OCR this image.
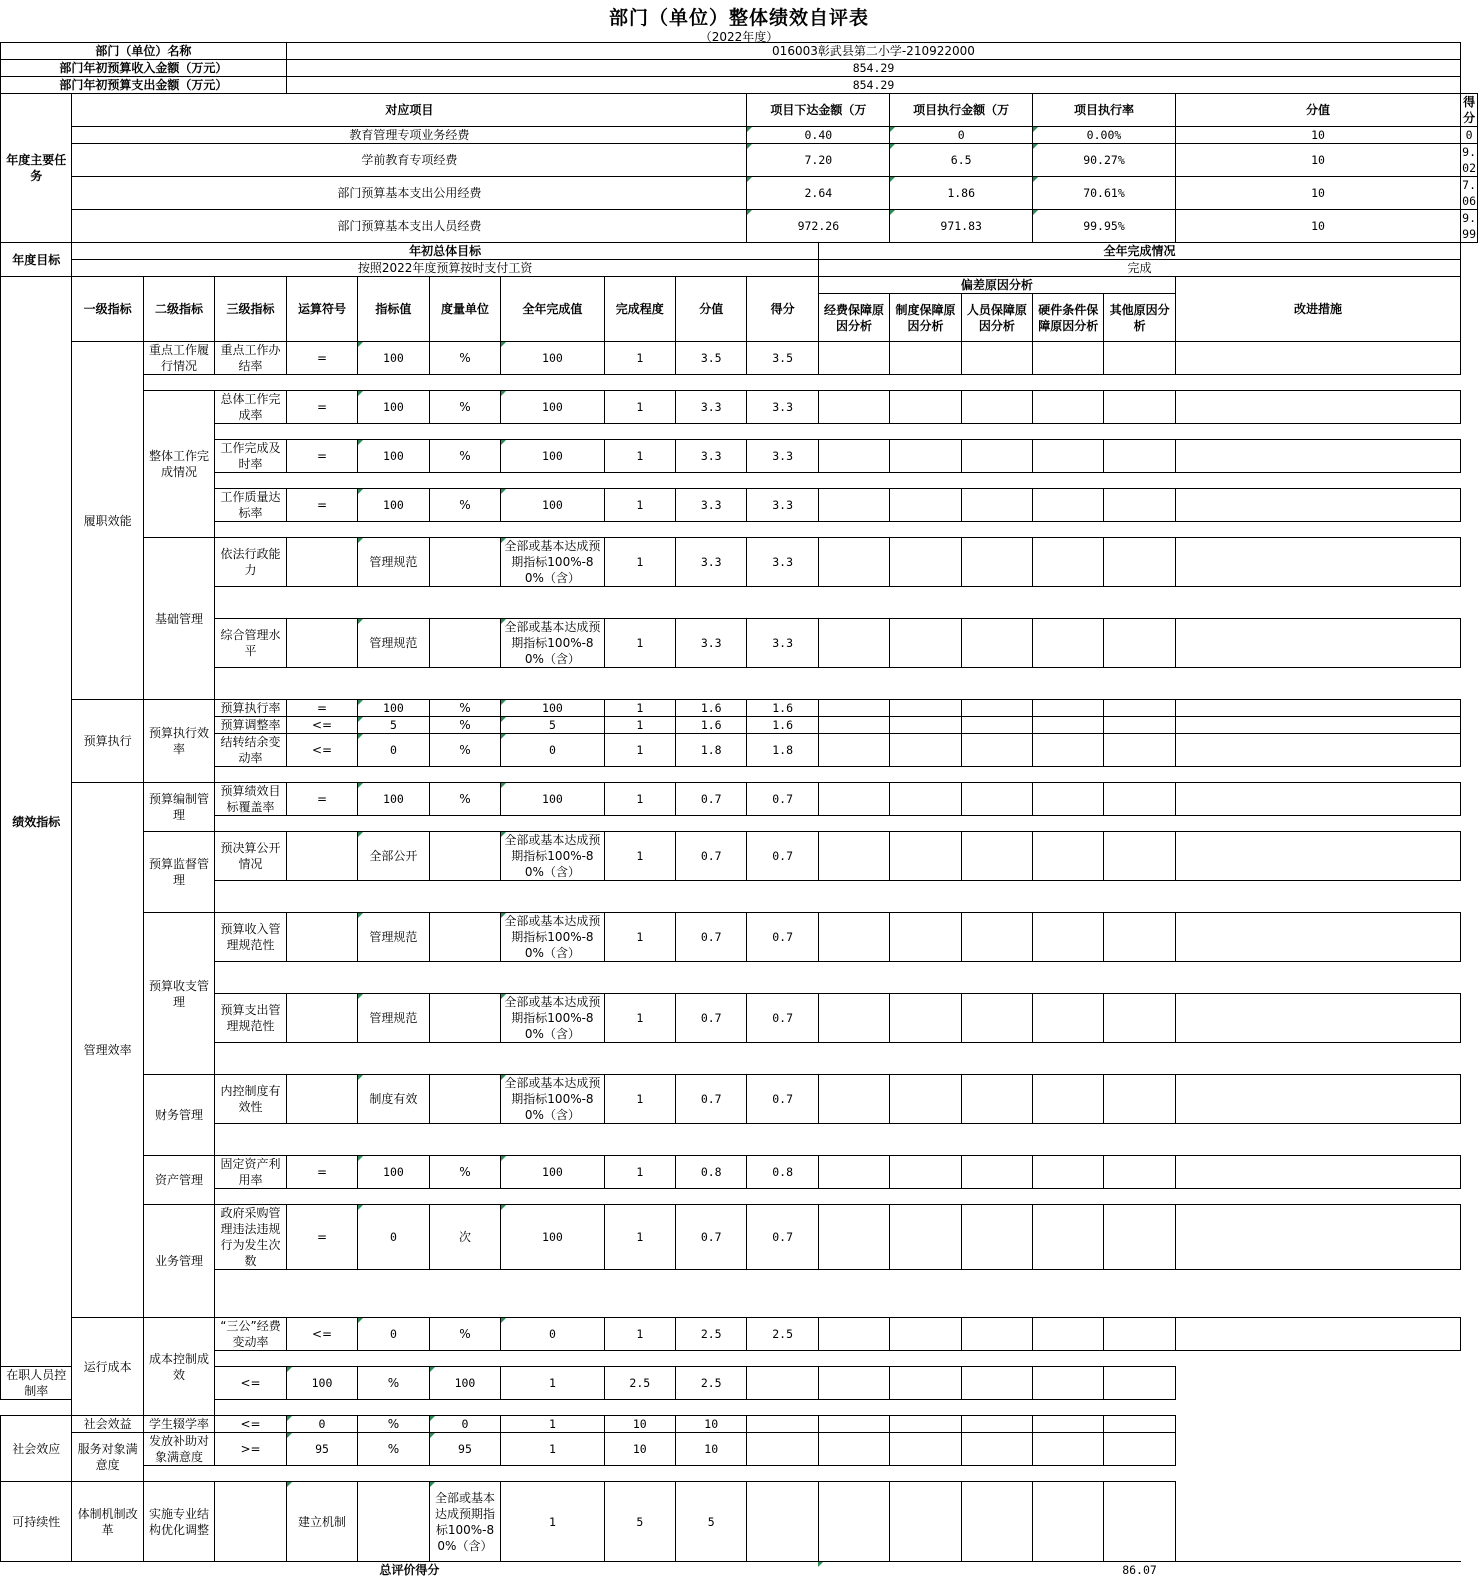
部门（单位）整体绩效自评表
（2022年度）
部门（单位）名称				016003彰武县第二小学-210922000													
部门年初预算收入金额（万元）				854.29													
部门年初预算支出金额（万元）				854.29													
年度主要任务	对应项目									项目下达金额（万		项目执行金额（万		项目执行率		分值	得分
	教育管理专项业务经费									0.40		0		0.00%		10	0
	学前教育专项经费									7.20		6.5		90.27%		10	9.02
	部门预算基本支出公用经费									2.64		1.86		70.61%		10	7.06
	部门预算基本支出人员经费									972.26		971.83		99.95%		10	9.99
年度目标	年初总体目标										全年完成情况						
	按照2022年度预算按时支付工资										完成						
绩效指标	一级指标	二级指标	三级指标	运算符号	指标值	度量单位	全年完成值	完成程度	分值	得分	偏差原因分析					改进措施	
											经费保障原因分析	制度保障原因分析	人员保障原因分析	硬件条件保障原因分析	其他原因分析		

	履职效能	重点工作履行情况	重点工作办结率	=	100	%	100	1	3.5	3.5							

		整体工作完成情况	总体工作完成率	=	100	%	100	1	3.3	3.3							

			工作完成及时率	=	100	%	100	1	3.3	3.3							

			工作质量达标率	=	100	%	100	1	3.3	3.3							

		基础管理	依法行政能力		管理规范		全部或基本达成预期指标100%-80%（含）	1	3.3	3.3							

			综合管理水平		管理规范		全部或基本达成预期指标100%-80%（含）	1	3.3	3.3							

	预算执行	预算执行效率	预算执行率	=	100	%	100	1	1.6	1.6							
			预算调整率	<=	5	%	5	1	1.6	1.6							
			结转结余变动率	<=	0	%	0	1	1.8	1.8							

	管理效率	预算编制管理	预算绩效目标覆盖率	=	100	%	100	1	0.7	0.7							

		预算监督管理	预决算公开情况		全部公开		全部或基本达成预期指标100%-80%（含）	1	0.7	0.7							

		预算收支管理	预算收入管理规范性		管理规范		全部或基本达成预期指标100%-80%（含）	1	0.7	0.7							

			预算支出管理规范性		管理规范		全部或基本达成预期指标100%-80%（含）	1	0.7	0.7							

		财务管理	内控制度有效性		制度有效		全部或基本达成预期指标100%-80%（含）	1	0.7	0.7							

		资产管理	固定资产利用率	=	100	%	100	1	0.8	0.8							

		业务管理	政府采购管理违法违规行为发生次数	=	0	次	100	1	0.7	0.7							

	运行成本	成本控制成效	“三公”经费变动率	<=	0	%	0	1	2.5	2.5							

在职人员控制率			<=	100	%	100	1	2.5	2.5								

社会效应	社会效益	学生辍学率	<=	0	%	0	1	10	10								
	服务对象满意度	发放补助对象满意度	>=	95	%	95	1	10	10								

可持续性	体制机制改革	实施专业结构优化调整		建立机制		全部或基本达成预期指标100%-80%（含）	1	5	5								

总评价得分											86.07						
